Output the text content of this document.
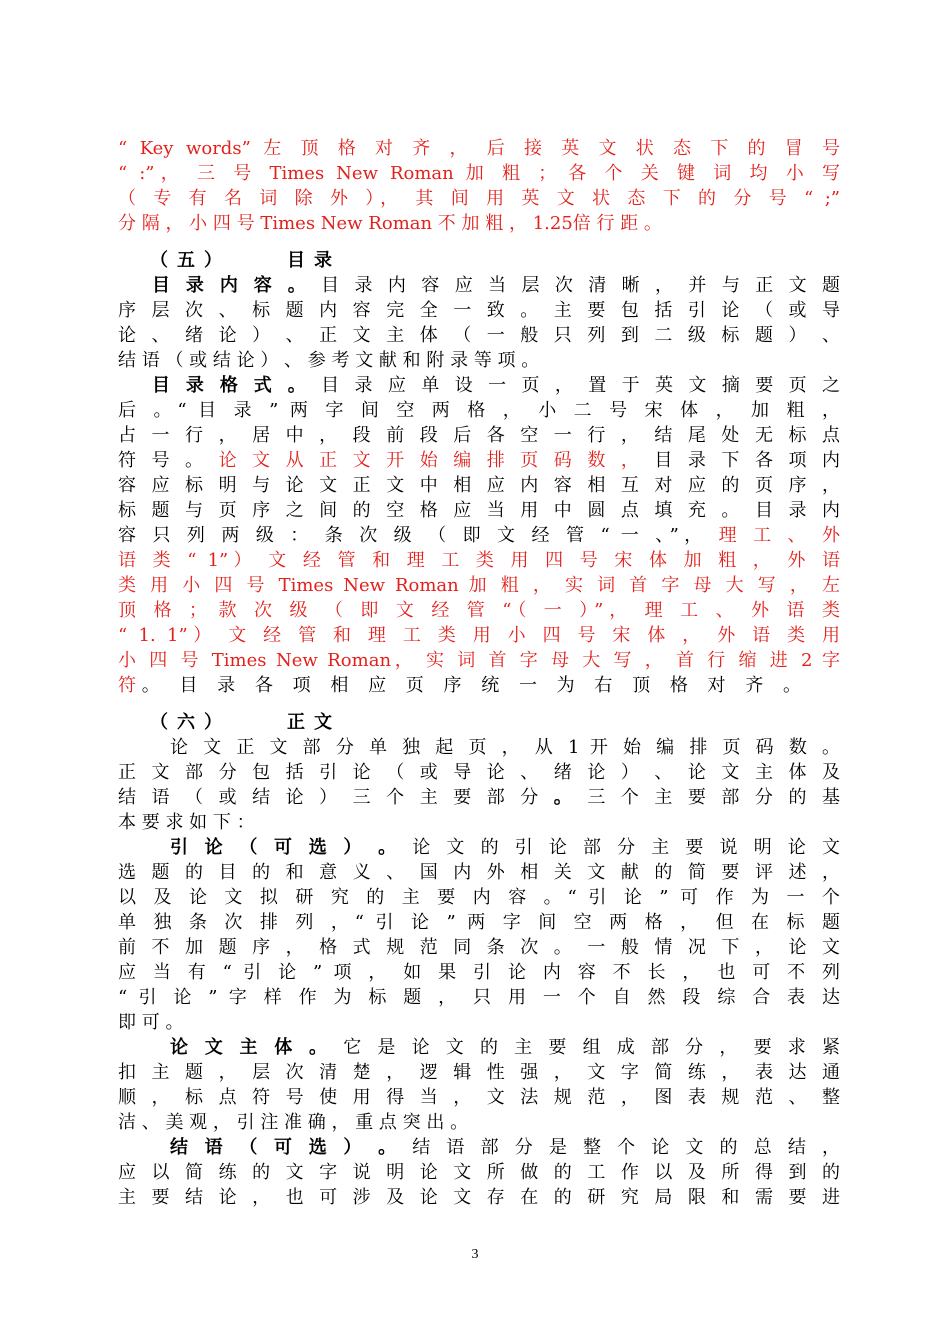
“ Key words” 左 顶 格 对 齐 ， 后 接 英 文 状 态 下 的 冒 号
“ :”， 三 号 Times New Roman 加 粗 ； 各 个 关 键 词 均 小 写
（ 专 有 名 词 除 外 ）， 其 间 用 英 文 状 态 下 的 分 号 “ ;”
分 隔 ， 小 四 号 Times New Roman 不 加 粗 ， 1.25倍 行 距 。
（五）	目录
目 录 内 容 。 目 录 内 容 应 当 层 次 清 晰 ， 并 与 正 文 题
序 层 次 、 标 题 内 容 完 全 一 致 。 主 要 包 括 引 论 （ 或 导
论 、 绪 论 ） 、 正 文 主 体 （ 一 般 只 列 到 二 级 标 题 ） 、
结 语 （ 或 结 论 ） 、 参 考 文 献 和 附 录 等 项 。
目 录 格 式 。 目 录 应 单 设 一 页 ， 置 于 英 文 摘 要 页 之
后 。“ 目 录 ” 两 字 间 空 两 格 ， 小 二 号 宋 体 ， 加 粗 ，
占 一 行 ， 居 中 ， 段 前 段 后 各 空 一 行 ， 结 尾 处 无 标 点
符 号 。 论 文 从 正 文 开 始 编 排 页 码 数 ， 目 录 下 各 项 内
容 应 标 明 与 论 文 正 文 中 相 应 内 容 相 互 对 应 的 页 序 ，
标 题 与 页 序 之 间 的 空 格 应 当 用 中 圆 点 填 充 。 目 录 内
容 只 列 两 级 ： 条 次 级 （ 即 文 经 管 “ 一 、”， 理 工 、 外
语 类 “ 1”） 文 经 管 和 理 工 类 用 四 号 宋 体 加 粗 ， 外 语
类 用 小 四 号 Times New Roman 加 粗 ， 实 词 首 字 母 大 写 ， 左
顶 格 ； 款 次 级 （ 即 文 经 管 “（ 一 ）”， 理 工 、 外 语 类
“ 1. 1”） 文 经 管 和 理 工 类 用 小 四 号 宋 体 ， 外 语 类 用
小 四 号 Times New Roman， 实 词 首 字 母 大 写 ， 首 行 缩 进 2 字
符 。 目 录 各 项 相 应 页 序 统 一 为 右 顶 格 对 齐 。
（六）	正文
论 文 正 文 部 分 单 独 起 页 ， 从 1 开 始 编 排 页 码 数 。
正 文 部 分 包 括 引 论 （ 或 导 论 、 绪 论 ） 、 论 文 主 体 及
结 语 （ 或 结 论 ） 三 个 主 要 部 分 。 三 个 主 要 部 分 的 基
本 要 求 如 下 ：
引 论 （ 可 选 ） 。 论 文 的 引 论 部 分 主 要 说 明 论 文
选 题 的 目 的 和 意 义 、 国 内 外 相 关 文 献 的 简 要 评 述 ，
以 及 论 文 拟 研 究 的 主 要 内 容 。“ 引 论 ” 可 作 为 一 个
单 独 条 次 排 列 ，“ 引 论 ” 两 字 间 空 两 格 ， 但 在 标 题
前 不 加 题 序 ， 格 式 规 范 同 条 次 。 一 般 情 况 下 ， 论 文
应 当 有 “ 引 论 ” 项 ， 如 果 引 论 内 容 不 长 ， 也 可 不 列
“ 引 论 ” 字 样 作 为 标 题 ， 只 用 一 个 自 然 段 综 合 表 达
即 可 。
论 文 主 体 。 它 是 论 文 的 主 要 组 成 部 分 ， 要 求 紧
扣 主 题 ， 层 次 清 楚 ， 逻 辑 性 强 ， 文 字 简 练 ， 表 达 通
顺 ， 标 点 符 号 使 用 得 当 ， 文 法 规 范 ， 图 表 规 范 、 整
洁 、 美 观 ， 引 注 准 确 ， 重 点 突 出 。
结 语 （ 可 选 ） 。 结 语 部 分 是 整 个 论 文 的 总 结 ，
应 以 简 练 的 文 字 说 明 论 文 所 做 的 工 作 以 及 所 得 到 的
主 要 结 论 ， 也 可 涉 及 论 文 存 在 的 研 究 局 限 和 需 要 进
3
